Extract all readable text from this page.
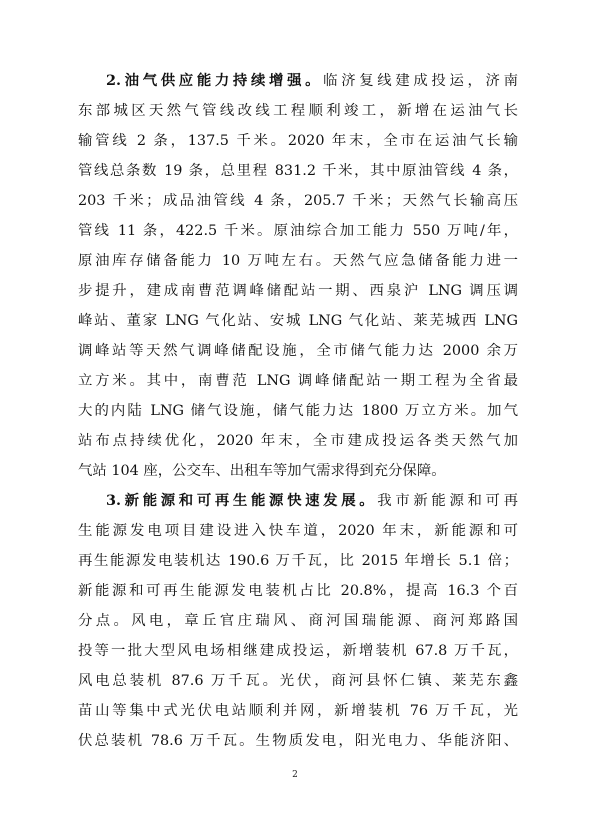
2.油气供应能力持续增强。临济复线建成投运，济南
东部城区天然气管线改线工程顺利竣工，新增在运油气长
输管线 2 条，137.5 千米。2020 年末，全市在运油气长输
管线总条数 19 条，总里程 831.2 千米，其中原油管线 4 条，
203 千米；成品油管线 4 条，205.7 千米；天然气长输高压
管线 11 条，422.5 千米。原油综合加工能力 550 万吨/年，
原油库存储备能力 10 万吨左右。天然气应急储备能力进一
步提升，建成南曹范调峰储配站一期、西泉沪 LNG 调压调
峰站、董家 LNG 气化站、安城 LNG 气化站、莱芜城西 LNG
调峰站等天然气调峰储配设施，全市储气能力达 2000 余万
立方米。其中，南曹范 LNG 调峰储配站一期工程为全省最
大的内陆 LNG 储气设施，储气能力达 1800 万立方米。加气
站布点持续优化，2020 年末，全市建成投运各类天然气加
气站 104 座，公交车、出租车等加气需求得到充分保障。
3.新能源和可再生能源快速发展。我市新能源和可再
生能源发电项目建设进入快车道，2020 年末，新能源和可
再生能源发电装机达 190.6 万千瓦，比 2015 年增长 5.1 倍；
新能源和可再生能源发电装机占比 20.8%，提高 16.3 个百
分点。风电，章丘官庄瑞风、商河国瑞能源、商河郑路国
投等一批大型风电场相继建成投运，新增装机 67.8 万千瓦，
风电总装机 87.6 万千瓦。光伏，商河县怀仁镇、莱芜东鑫
苗山等集中式光伏电站顺利并网，新增装机 76 万千瓦，光
伏总装机 78.6 万千瓦。生物质发电，阳光电力、华能济阳、
2
